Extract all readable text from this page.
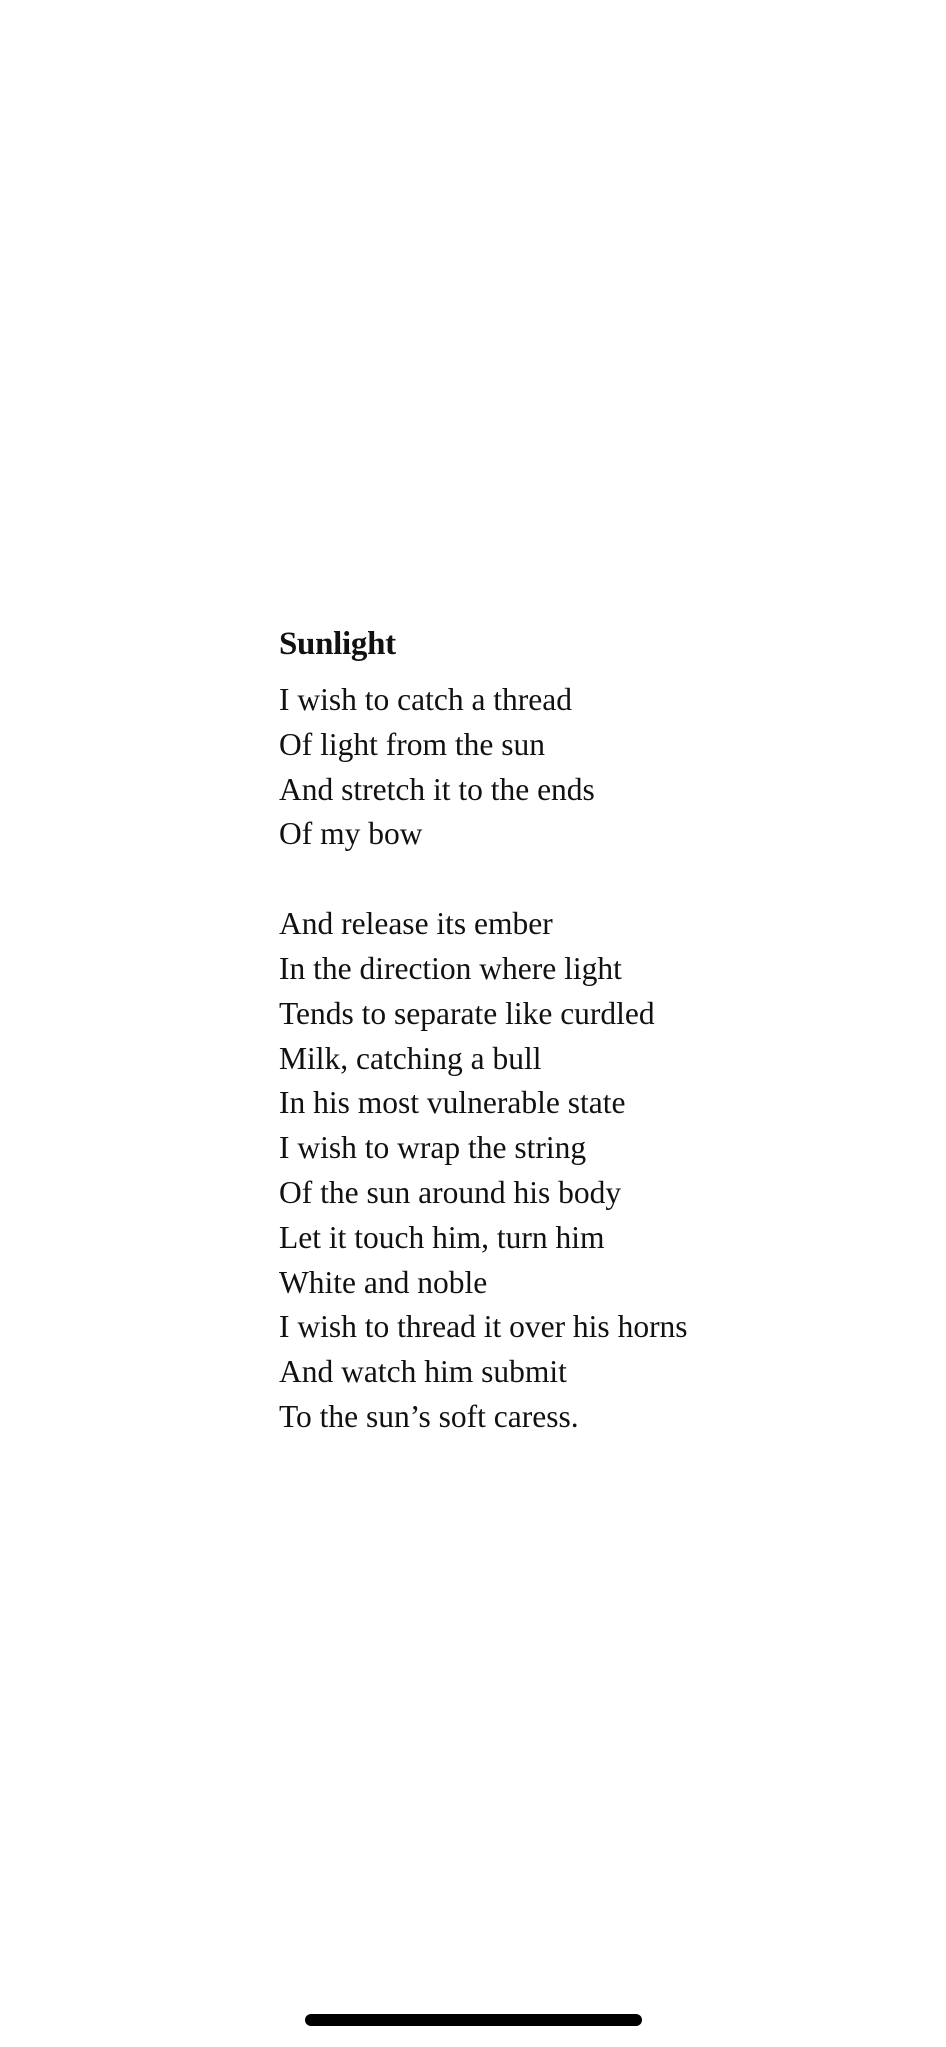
Sunlight
I wish to catch a thread
Of light from the sun
And stretch it to the ends
Of my bow
And release its ember
In the direction where light
Tends to separate like curdled
Milk, catching a bull
In his most vulnerable state
I wish to wrap the string
Of the sun around his body
Let it touch him, turn him
White and noble
I wish to thread it over his horns
And watch him submit
To the sun’s soft caress.
